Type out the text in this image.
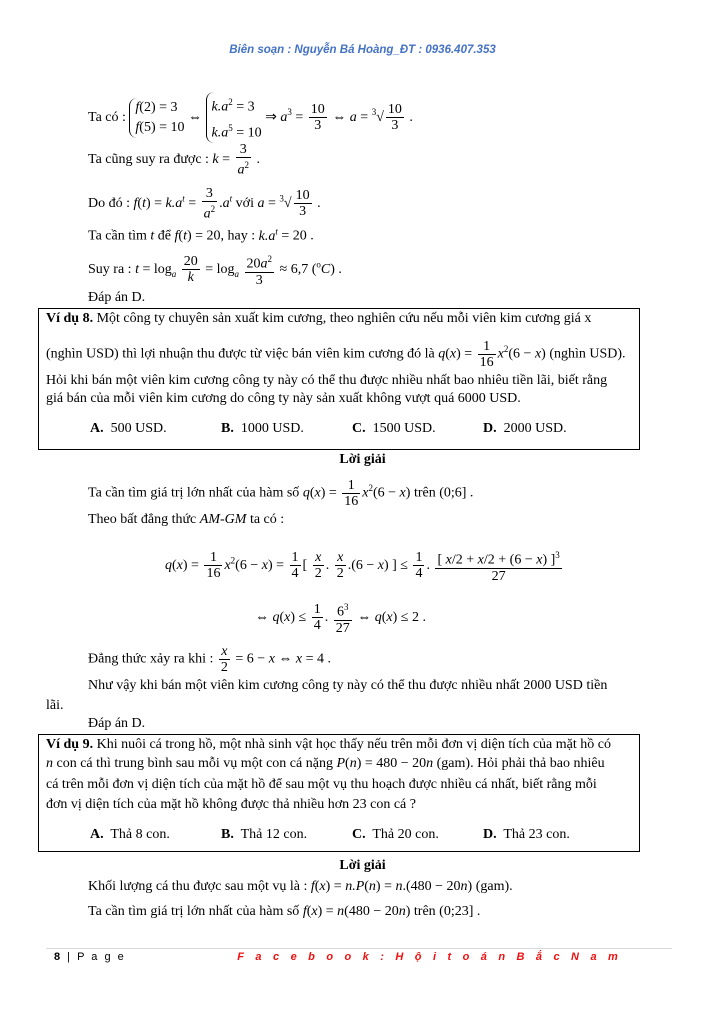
Biên soạn : Nguyễn Bá Hoàng_ĐT : 0936.407.353
Ta có : f(2) = 3
f(5) = 10 ⇔ $k.a^2 = 3$
$k.a^5 = 10$ ⇒ $a^3 = \frac{10}{3}$ ⇔ $a = ^3√ \frac{10}{3}$ .
Ta cũng suy ra được : $k = \frac{3}{a^2}$ .
Do đó : $f(t) = k.a^t = \frac{3}{a^2} .a^t$ với $a = ^3√ \frac{10}{3}$ .
Ta cần tìm t để f(t) = 20, hay : $k.a^t = 20$ .
Suy ra : $t = \log_a \frac{20}{k} = \log_a \frac{20a^2}{3} \approx 6,7$ ($^o$C) .
Đáp án D.
Ví dụ 8. Một công ty chuyên sản xuất kim cương, theo nghiên cứu nếu mỗi viên kim cương giá x
(nghìn USD) thì lợi nhuận thu được từ việc bán viên kim cương đó là $q(x) = \frac{1}{16} x^2(6 - x)$ (nghìn USD).
Hỏi khi bán một viên kim cương công ty này có thể thu được nhiều nhất bao nhiêu tiền lãi, biết rằng
giá bán của mỗi viên kim cương do công ty này sản xuất không vượt quá 6000 USD.
A. 500 USD.	B. 1000 USD.	C. 1500 USD.	D. 2000 USD.
Lời giải
Ta cần tìm giá trị lớn nhất của hàm số $q(x) = \frac{1}{16} x^2(6 - x)$ trên (0;6] .
Theo bất đẳng thức AM-GM ta có :
$q(x) = \frac{1}{16} x^2(6 - x) = \frac{1}{4}$ [ $\frac{x}{2}$ . $\frac{x}{2} .(6 - x)$ ] ≤ $\frac{1}{4}$ . $\frac{[ x/2 + x/2 + (6 - x) ]^3}{27}$
⇔ $q(x) \le \frac{1}{4}$ . $\frac{6^3}{27}$ ⇔ q(x) ≤ 2 .
Đẳng thức xảy ra khi : $\frac{x}{2} = 6 - x$ ⇔ x = 4 .
Như vậy khi bán một viên kim cương công ty này có thể thu được nhiều nhất 2000 USD tiền
lãi.
Đáp án D.
Ví dụ 9. Khi nuôi cá trong hồ, một nhà sinh vật học thấy nếu trên mỗi đơn vị diện tích của mặt hồ có
n con cá thì trung bình sau mỗi vụ một con cá nặng P(n) = 480 − 20n (gam). Hỏi phải thả bao nhiêu
cá trên mỗi đơn vị diện tích của mặt hồ để sau một vụ thu hoạch được nhiều cá nhất, biết rằng mỗi
đơn vị diện tích của mặt hồ không được thả nhiều hơn 23 con cá ?
A. Thả 8 con.	B. Thả 12 con.	C. Thả 20 con.	D. Thả 23 con.
Lời giải
Khối lượng cá thu được sau một vụ là : f(x) = n.P(n) = n.(480 − 20n) (gam).
Ta cần tìm giá trị lớn nhất của hàm số f(x) = n(480 − 20n) trên (0;23] .
8 | P a g e	F a c e b o o k : H ộ i t o á n B ắ c N a m
